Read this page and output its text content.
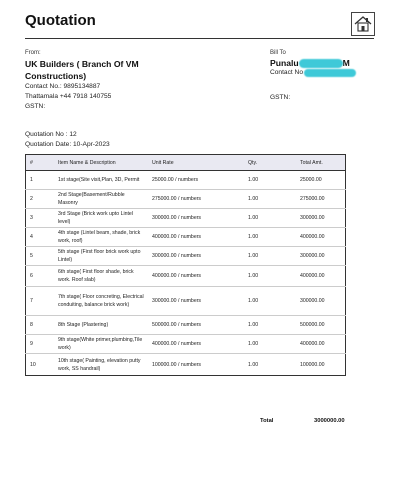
Quotation
From:
UK Builders ( Branch Of VM
Constructions)
Contact No.: 9895134887
Thattamala +44 7918 140755
GSTN:
Bill To
Punalu	M
Contact No
GSTN:
Quotation No : 12
Quotation Date: 10-Apr-2023
#	Item Name & Description	Unit Rate	Qty.	Total Amt.
1	1st stage(Site visit,Plan, 3D, Permit	25000.00 / numbers	1.00	25000.00
2	2nd Stage(Basement/Rubble Masonry	275000.00 / numbers	1.00	275000.00
3	3rd Stage (Brick work upto Lintel level)	300000.00 / numbers	1.00	300000.00
4	4th stage (Lintel beam, shade, brick work, roof)	400000.00 / numbers	1.00	400000.00
5	5th stage (First floor brick work upto Lintel)	300000.00 / numbers	1.00	300000.00
6	6th stage( First floor shade, brick work. Roof slab)	400000.00 / numbers	1.00	400000.00
7	7th stage( Floor concreting, Electrical conduiting, balance brick work)	300000.00 / numbers	1.00	300000.00
8	8th Stage (Plastering)	500000.00 / numbers	1.00	500000.00
9	9th stage(White primer,plumbing,Tile work)	400000.00 / numbers	1.00	400000.00
10	10th stage( Painting, elevation putty work, SS handrail)	100000.00 / numbers	1.00	100000.00
Total	3000000.00
